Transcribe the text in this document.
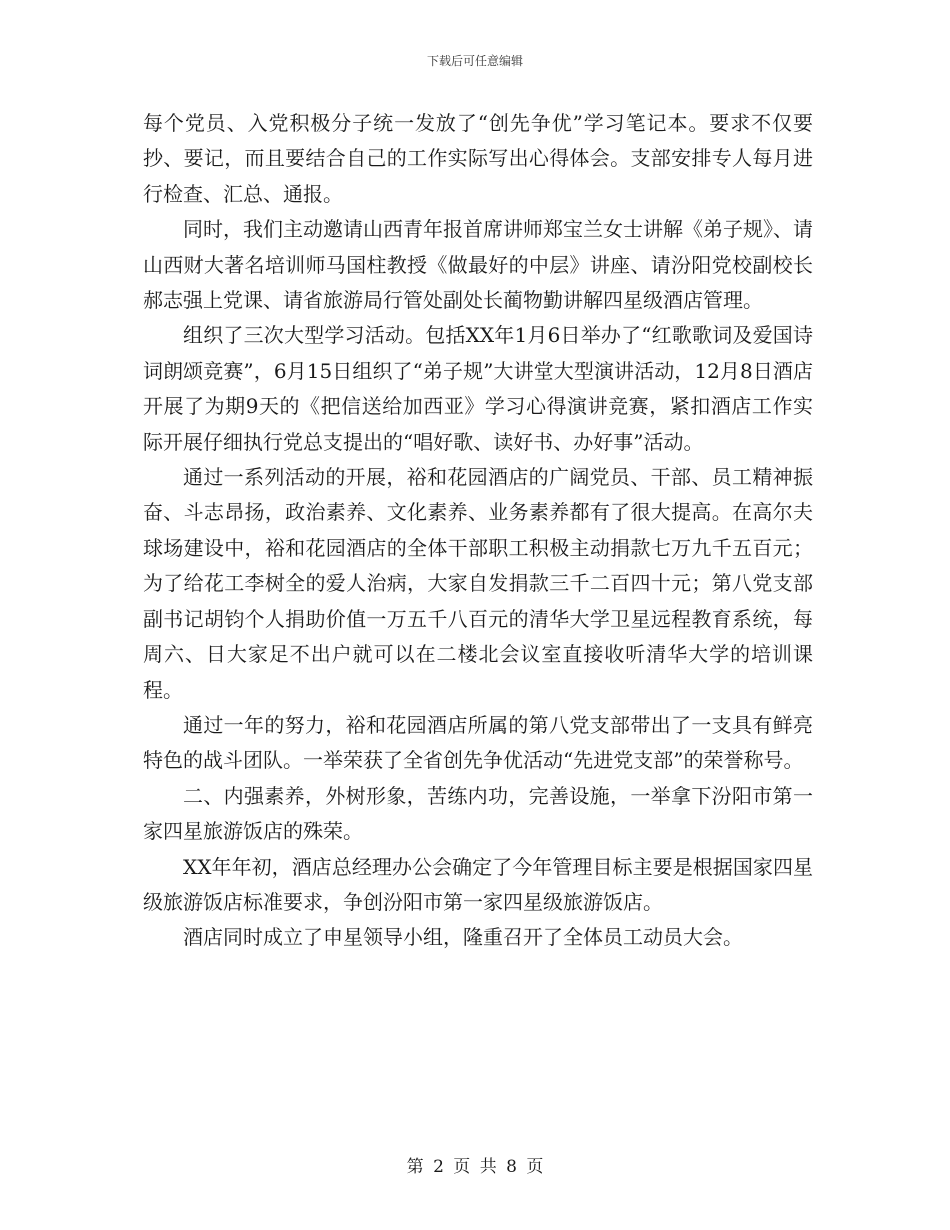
下载后可任意编辑

每个党员、入党积极分子统一发放了“创先争优”学习笔记本。要求不仅要抄、要记，而且要结合自己的工作实际写出心得体会。支部安排专人每月进行检查、汇总、通报。

同时，我们主动邀请山西青年报首席讲师郑宝兰女士讲解《弟子规》、请山西财大著名培训师马国柱教授《做最好的中层》讲座、请汾阳党校副校长郝志强上党课、请省旅游局行管处副处长蔺物勤讲解四星级酒店管理。

组织了三次大型学习活动。包括XX年1月6日举办了“红歌歌词及爱国诗词朗颂竞赛”，6月15日组织了“弟子规”大讲堂大型演讲活动，12月8日酒店开展了为期9天的《把信送给加西亚》学习心得演讲竞赛，紧扣酒店工作实际开展仔细执行党总支提出的“唱好歌、读好书、办好事”活动。

通过一系列活动的开展，裕和花园酒店的广阔党员、干部、员工精神振奋、斗志昂扬，政治素养、文化素养、业务素养都有了很大提高。在高尔夫球场建设中，裕和花园酒店的全体干部职工积极主动捐款七万九千五百元；为了给花工李树全的爱人治病，大家自发捐款三千二百四十元；第八党支部副书记胡钧个人捐助价值一万五千八百元的清华大学卫星远程教育系统，每周六、日大家足不出户就可以在二楼北会议室直接收听清华大学的培训课程。

通过一年的努力，裕和花园酒店所属的第八党支部带出了一支具有鲜亮特色的战斗团队。一举荣获了全省创先争优活动“先进党支部”的荣誉称号。

二、内强素养，外树形象，苦练内功，完善设施，一举拿下汾阳市第一家四星旅游饭店的殊荣。

XX年年初，酒店总经理办公会确定了今年管理目标主要是根据国家四星级旅游饭店标准要求，争创汾阳市第一家四星级旅游饭店。

酒店同时成立了申星领导小组，隆重召开了全体员工动员大会。

第 2 页 共 8 页
